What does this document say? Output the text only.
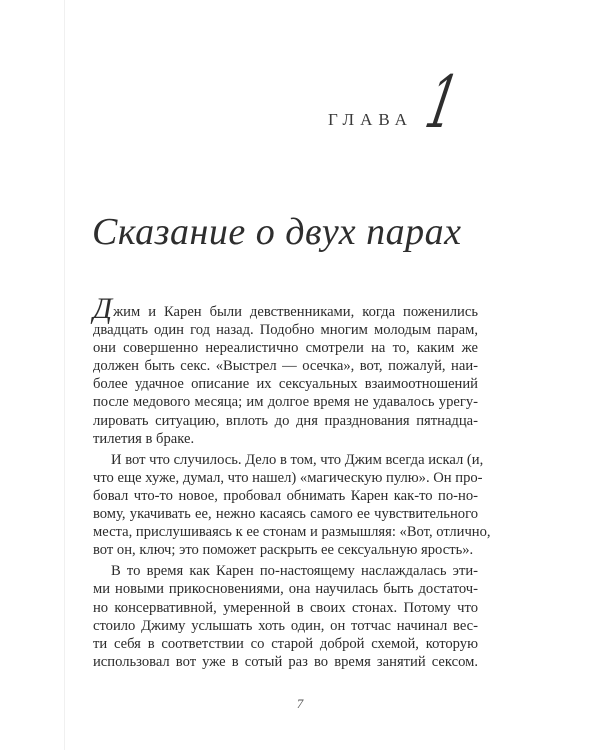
ГЛАВА 1
Сказание о двух парах

Джим и Карен были девственниками, когда поженились
двадцать один год назад. Подобно многим молодым парам,
они совершенно нереалистично смотрели на то, каким же
должен быть секс. «Выстрел — осечка», вот, пожалуй, наи-
более удачное описание их сексуальных взаимоотношений
после медового месяца; им долгое время не удавалось урегу-
лировать ситуацию, вплоть до дня празднования пятнадца-
тилетия в браке.

И вот что случилось. Дело в том, что Джим всегда искал (и,
что еще хуже, думал, что нашел) «магическую пулю». Он про-
бовал что-то новое, пробовал обнимать Карен как-то по-но-
вому, укачивать ее, нежно касаясь самого ее чувствительного
места, прислушиваясь к ее стонам и размышляя: «Вот, отлично,
вот он, ключ; это поможет раскрыть ее сексуальную ярость».

В то время как Карен по-настоящему наслаждалась эти-
ми новыми прикосновениями, она научилась быть достаточ-
но консервативной, умеренной в своих стонах. Потому что
стоило Джиму услышать хоть один, он тотчас начинал вес-
ти себя в соответствии со старой доброй схемой, которую
использовал вот уже в сотый раз во время занятий сексом.

7
